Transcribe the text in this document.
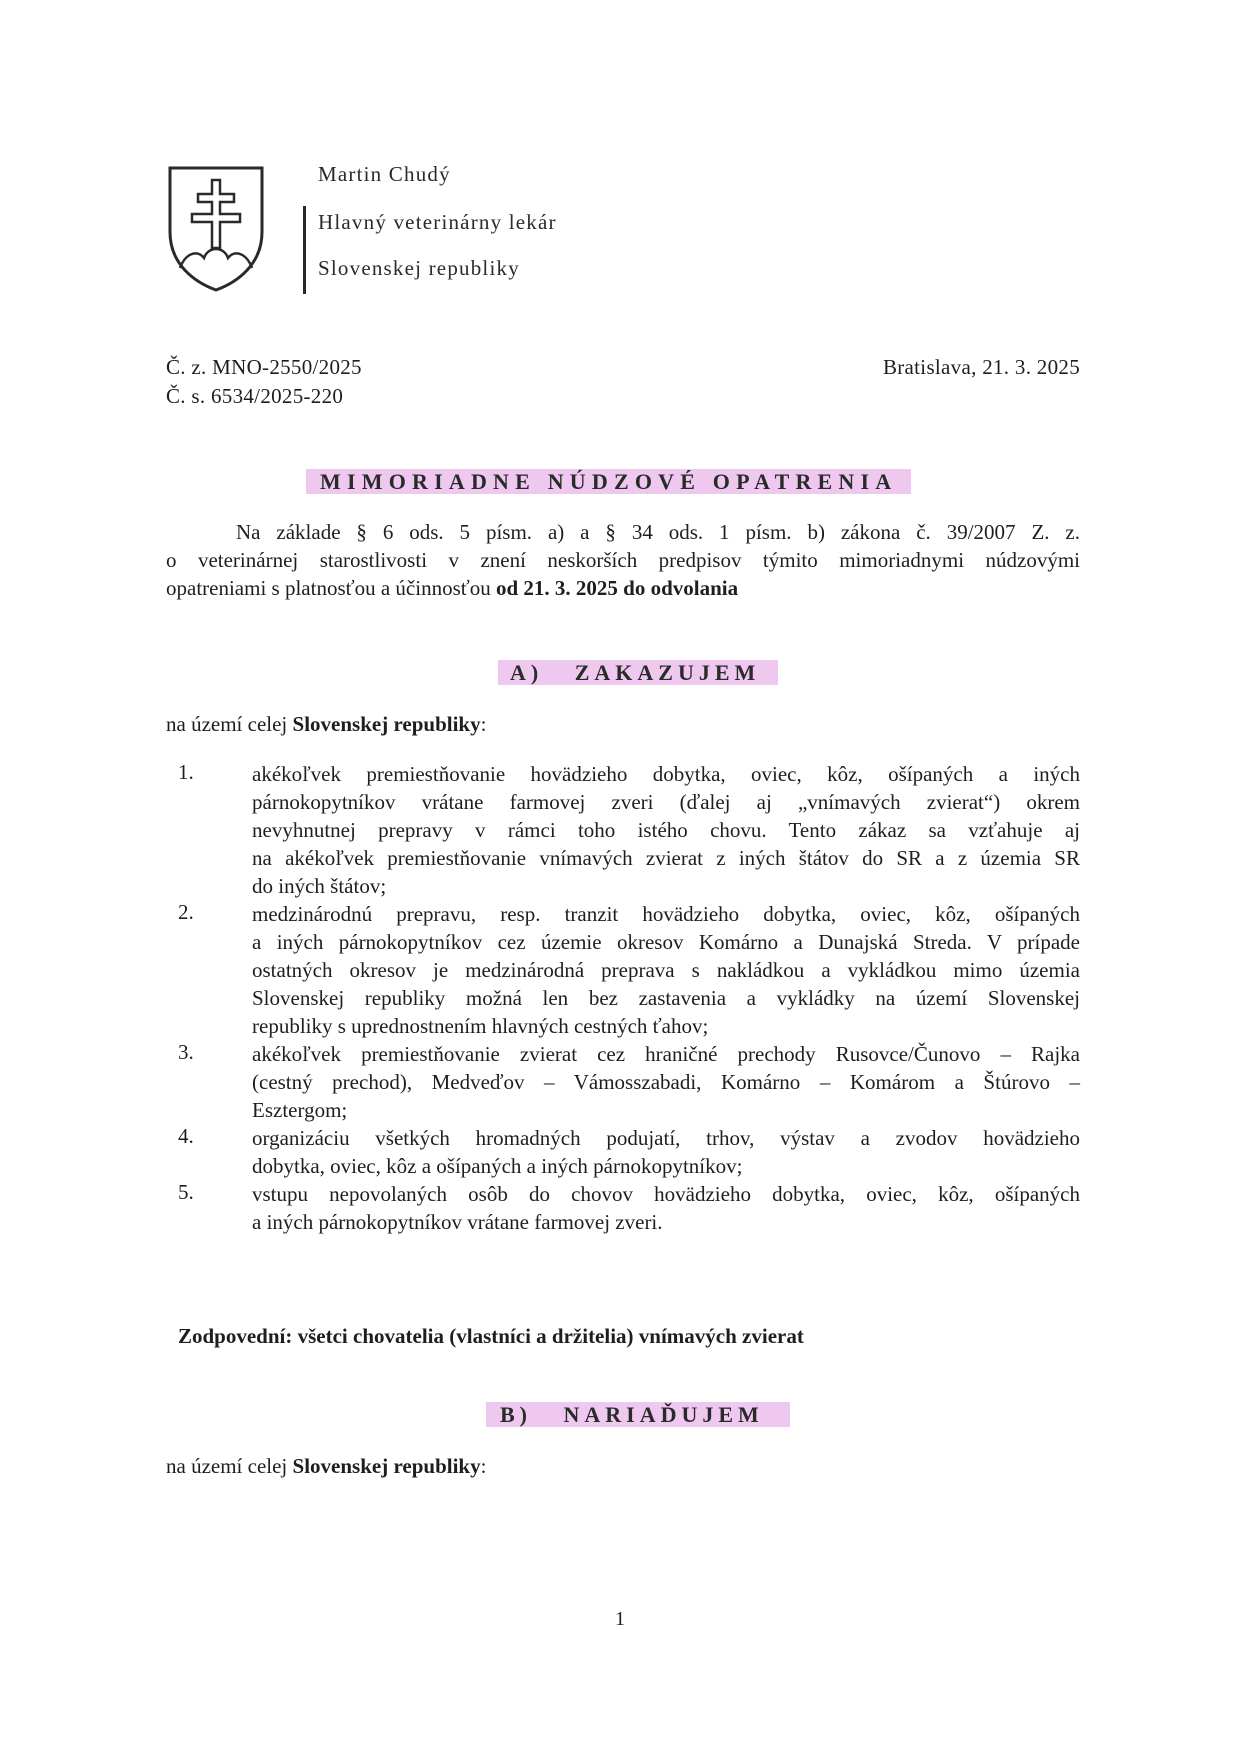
Martin Chudý
Hlavný veterinárny lekár
Slovenskej republiky
Č. z. MNO-2550/2025
Č. s. 6534/2025-220
Bratislava, 21. 3. 2025
MIMORIADNE NÚDZOVÉ OPATRENIA
Na základe § 6 ods. 5 písm. a) a § 34 ods. 1 písm. b) zákona č. 39/2007 Z. z.
o veterinárnej starostlivosti v znení neskorších predpisov týmito mimoriadnymi núdzovými
opatreniami s platnosťou a účinnosťou od 21. 3. 2025 do odvolania
A) ZAKAZUJEM
na území celej Slovenskej republiky:
1.	akékoľvek premiestňovanie hovädzieho dobytka, oviec, kôz, ošípaných a iných
párnokopytníkov vrátane farmovej zveri (ďalej aj „vnímavých zvierat“) okrem
nevyhnutnej prepravy v rámci toho istého chovu. Tento zákaz sa vzťahuje aj
na akékoľvek premiestňovanie vnímavých zvierat z iných štátov do SR a z územia SR
do iných štátov;
2.	medzinárodnú prepravu, resp. tranzit hovädzieho dobytka, oviec, kôz, ošípaných
a iných párnokopytníkov cez územie okresov Komárno a Dunajská Streda. V prípade
ostatných okresov je medzinárodná preprava s nakládkou a vykládkou mimo územia
Slovenskej republiky možná len bez zastavenia a vykládky na území Slovenskej
republiky s uprednostnením hlavných cestných ťahov;
3.	akékoľvek premiestňovanie zvierat cez hraničné prechody Rusovce/Čunovo – Rajka
(cestný prechod), Medveďov – Vámosszabadi, Komárno – Komárom a Štúrovo –
Esztergom;
4.	organizáciu všetkých hromadných podujatí, trhov, výstav a zvodov hovädzieho
dobytka, oviec, kôz a ošípaných a iných párnokopytníkov;
5.	vstupu nepovolaných osôb do chovov hovädzieho dobytka, oviec, kôz, ošípaných
a iných párnokopytníkov vrátane farmovej zveri.
Zodpovední: všetci chovatelia (vlastníci a držitelia) vnímavých zvierat
B) NARIAĎUJEM
na území celej Slovenskej republiky:
1
